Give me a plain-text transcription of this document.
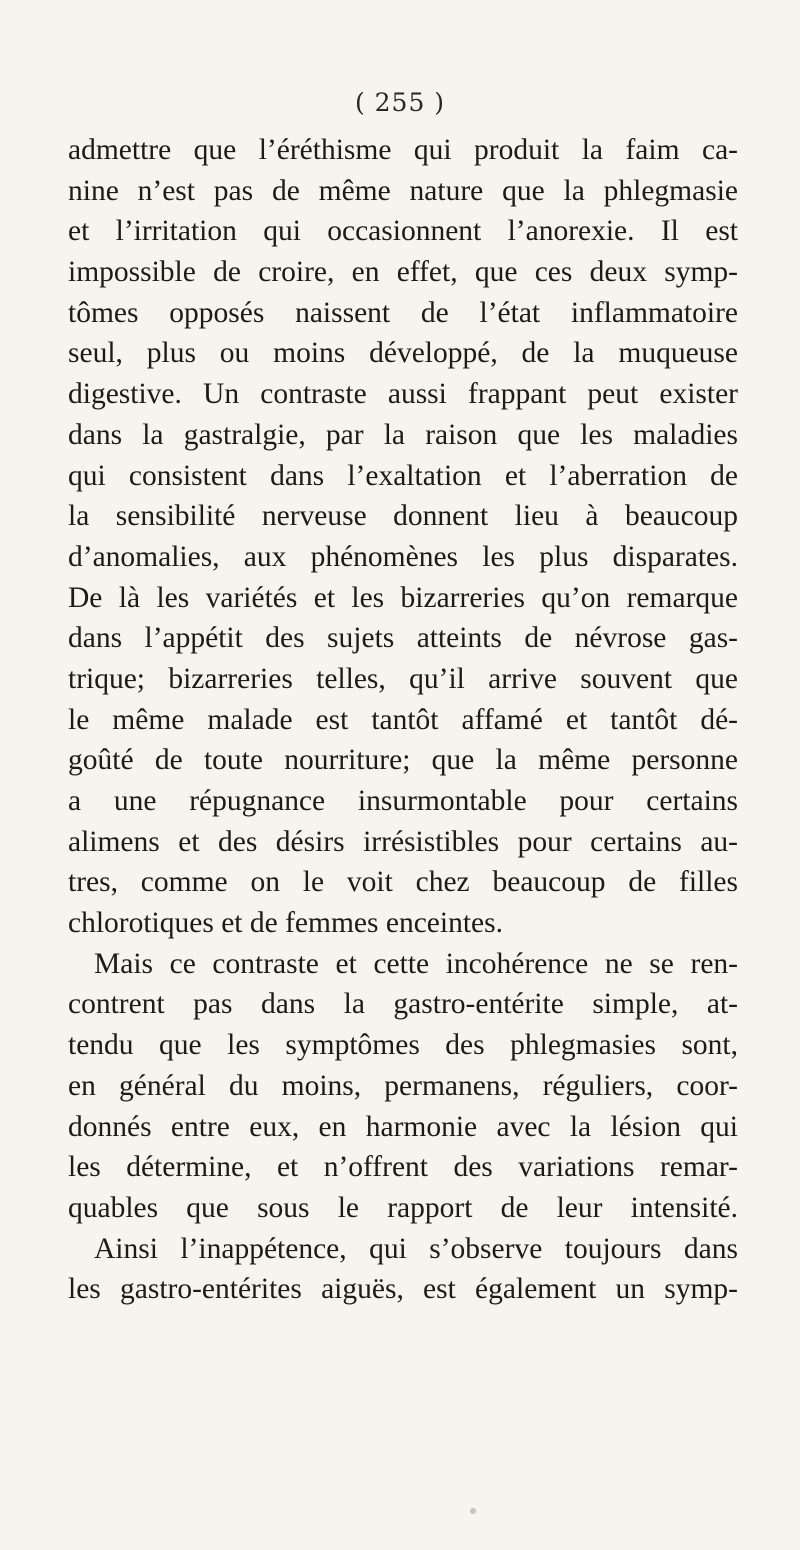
( 255 )
admettre que l’éréthisme qui produit la faim ca-
nine n’est pas de même nature que la phlegmasie
et l’irritation qui occasionnent l’anorexie. Il est
impossible de croire, en effet, que ces deux symp-
tômes opposés naissent de l’état inflammatoire
seul, plus ou moins développé, de la muqueuse
digestive. Un contraste aussi frappant peut exister
dans la gastralgie, par la raison que les maladies
qui consistent dans l’exaltation et l’aberration de
la sensibilité nerveuse donnent lieu à beaucoup
d’anomalies, aux phénomènes les plus disparates.
De là les variétés et les bizarreries qu’on remarque
dans l’appétit des sujets atteints de névrose gas-
trique; bizarreries telles, qu’il arrive souvent que
le même malade est tantôt affamé et tantôt dé-
goûté de toute nourriture; que la même personne
a une répugnance insurmontable pour certains
alimens et des désirs irrésistibles pour certains au-
tres, comme on le voit chez beaucoup de filles
chlorotiques et de femmes enceintes.
Mais ce contraste et cette incohérence ne se ren-
contrent pas dans la gastro-entérite simple, at-
tendu que les symptômes des phlegmasies sont,
en général du moins, permanens, réguliers, coor-
donnés entre eux, en harmonie avec la lésion qui
les détermine, et n’offrent des variations remar-
quables que sous le rapport de leur intensité.
Ainsi l’inappétence, qui s’observe toujours dans
les gastro-entérites aiguës, est également un symp-
